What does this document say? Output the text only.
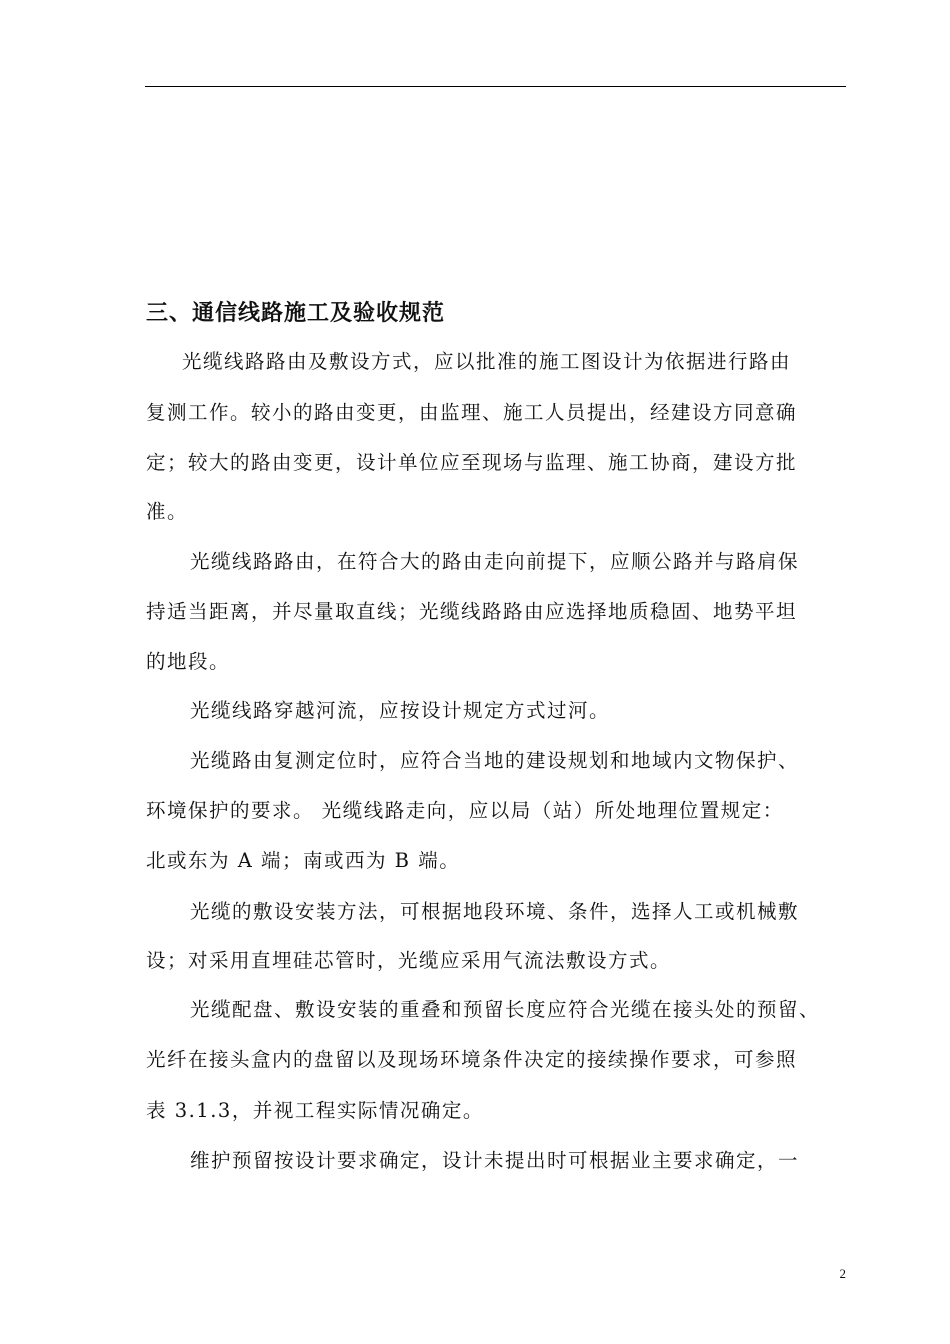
三、通信线路施工及验收规范
光缆线路路由及敷设方式，应以批准的施工图设计为依据进行路由
复测工作。较小的路由变更，由监理、施工人员提出，经建设方同意确
定；较大的路由变更，设计单位应至现场与监理、施工协商，建设方批
准。
光缆线路路由，在符合大的路由走向前提下，应顺公路并与路肩保
持适当距离，并尽量取直线；光缆线路路由应选择地质稳固、地势平坦
的地段。
光缆线路穿越河流，应按设计规定方式过河。
光缆路由复测定位时，应符合当地的建设规划和地域内文物保护、
环境保护的要求。 光缆线路走向，应以局（站）所处地理位置规定：
北或东为 A 端；南或西为 B 端。
光缆的敷设安装方法，可根据地段环境、条件，选择人工或机械敷
设；对采用直埋硅芯管时，光缆应采用气流法敷设方式。
光缆配盘、敷设安装的重叠和预留长度应符合光缆在接头处的预留、
光纤在接头盒内的盘留以及现场环境条件决定的接续操作要求，可参照
表 3.1.3，并视工程实际情况确定。
维护预留按设计要求确定，设计未提出时可根据业主要求确定，一
2
